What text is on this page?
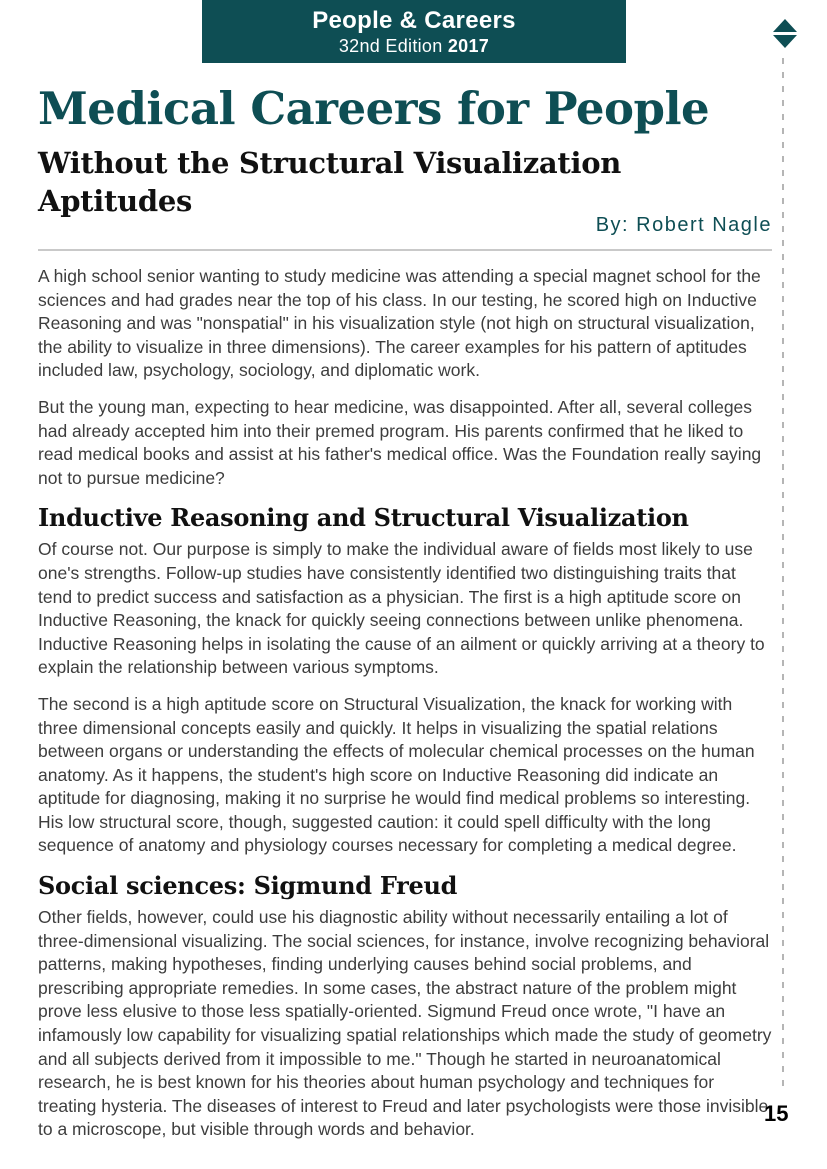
People & Careers
32nd Edition 2017
Medical Careers for People
Without the Structural Visualization Aptitudes
By: Robert Nagle

A high school senior wanting to study medicine was attending a special magnet school for the sciences and had grades near the top of his class. In our testing, he scored high on Inductive Reasoning and was "nonspatial" in his visualization style (not high on structural visualization, the ability to visualize in three dimensions). The career examples for his pattern of aptitudes included law, psychology, sociology, and diplomatic work.

But the young man, expecting to hear medicine, was disappointed. After all, several colleges had already accepted him into their premed program. His parents confirmed that he liked to read medical books and assist at his father's medical office. Was the Foundation really saying not to pursue medicine?

Inductive Reasoning and Structural Visualization

Of course not. Our purpose is simply to make the individual aware of fields most likely to use one's strengths. Follow-up studies have consistently identified two distinguishing traits that tend to predict success and satisfaction as a physician. The first is a high aptitude score on Inductive Reasoning, the knack for quickly seeing connections between unlike phenomena. Inductive Reasoning helps in isolating the cause of an ailment or quickly arriving at a theory to explain the relationship between various symptoms.

The second is a high aptitude score on Structural Visualization, the knack for working with three dimensional concepts easily and quickly. It helps in visualizing the spatial relations between organs or understanding the effects of molecular chemical processes on the human anatomy. As it happens, the student's high score on Inductive Reasoning did indicate an aptitude for diagnosing, making it no surprise he would find medical problems so interesting. His low structural score, though, suggested caution: it could spell difficulty with the long sequence of anatomy and physiology courses necessary for completing a medical degree.

Social sciences: Sigmund Freud

Other fields, however, could use his diagnostic ability without necessarily entailing a lot of three-dimensional visualizing. The social sciences, for instance, involve recognizing behavioral patterns, making hypotheses, finding underlying causes behind social problems, and prescribing appropriate remedies. In some cases, the abstract nature of the problem might prove less elusive to those less spatially-oriented. Sigmund Freud once wrote, "I have an infamously low capability for visualizing spatial relationships which made the study of geometry and all subjects derived from it impossible to me." Though he started in neuroanatomical research, he is best known for his theories about human psychology and techniques for treating hysteria. The diseases of interest to Freud and later psychologists were those invisible to a microscope, but visible through words and behavior.

15
